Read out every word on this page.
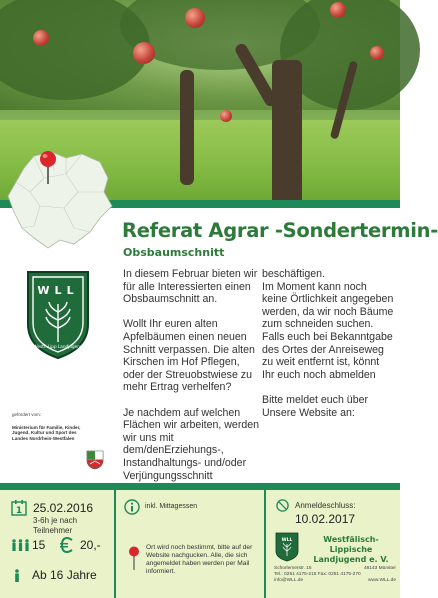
Referat Agrar -Sondertermin-
Obsbaumschnitt
WLL
Westf.-Lipp Landjugend

In diesem Februar bieten wir für alle Interessierten einen Obsbaumschnitt an.

Wollt Ihr euren alten Apfelbäumen einen neuen Schnitt verpassen. Die alten Kirschen im Hof Pflegen, oder der Streuobstwiese zu mehr Ertrag verhelfen?

Je nachdem auf welchen Flächen wir arbeiten, werden wir uns mit dem/denErziehungs-, Instandhaltungs- und/oder Verjüngungsschnitt

beschäftigen.
Im Moment kann noch keine Örtlichkeit angegeben werden, da wir noch Bäume zum schneiden suchen.
Falls euch bei Bekanntgabe des Ortes der Anreiseweg zu weit entfernt ist, könnt Ihr euch noch abmelden

Bitte meldet euch über Unsere Website an:

gefördert vom:
Ministerium für Familie, Kinder, Jugend, Kultur und Sport des Landes Nordrhein-Westfalen
1 25.02.2016
3-6h je nach Teilnehmer
15	20,-
Ab 16 Jahre
inkl. Mittagessen
Ort wird noch bestimmt, bitte auf der Website nachgucken. Alle, die sich angemeldet haben werden per Mail informiert.
Anmeldeschluss:
10.02.2017
WLL	Westfälisch-Lippische Landjugend e. V.
Schorlemerstr. 15	48143 Münster
Tel.: 0251 4175-215 Fax: 0251 4175-270
info@WLL.de	www.WLL.de
